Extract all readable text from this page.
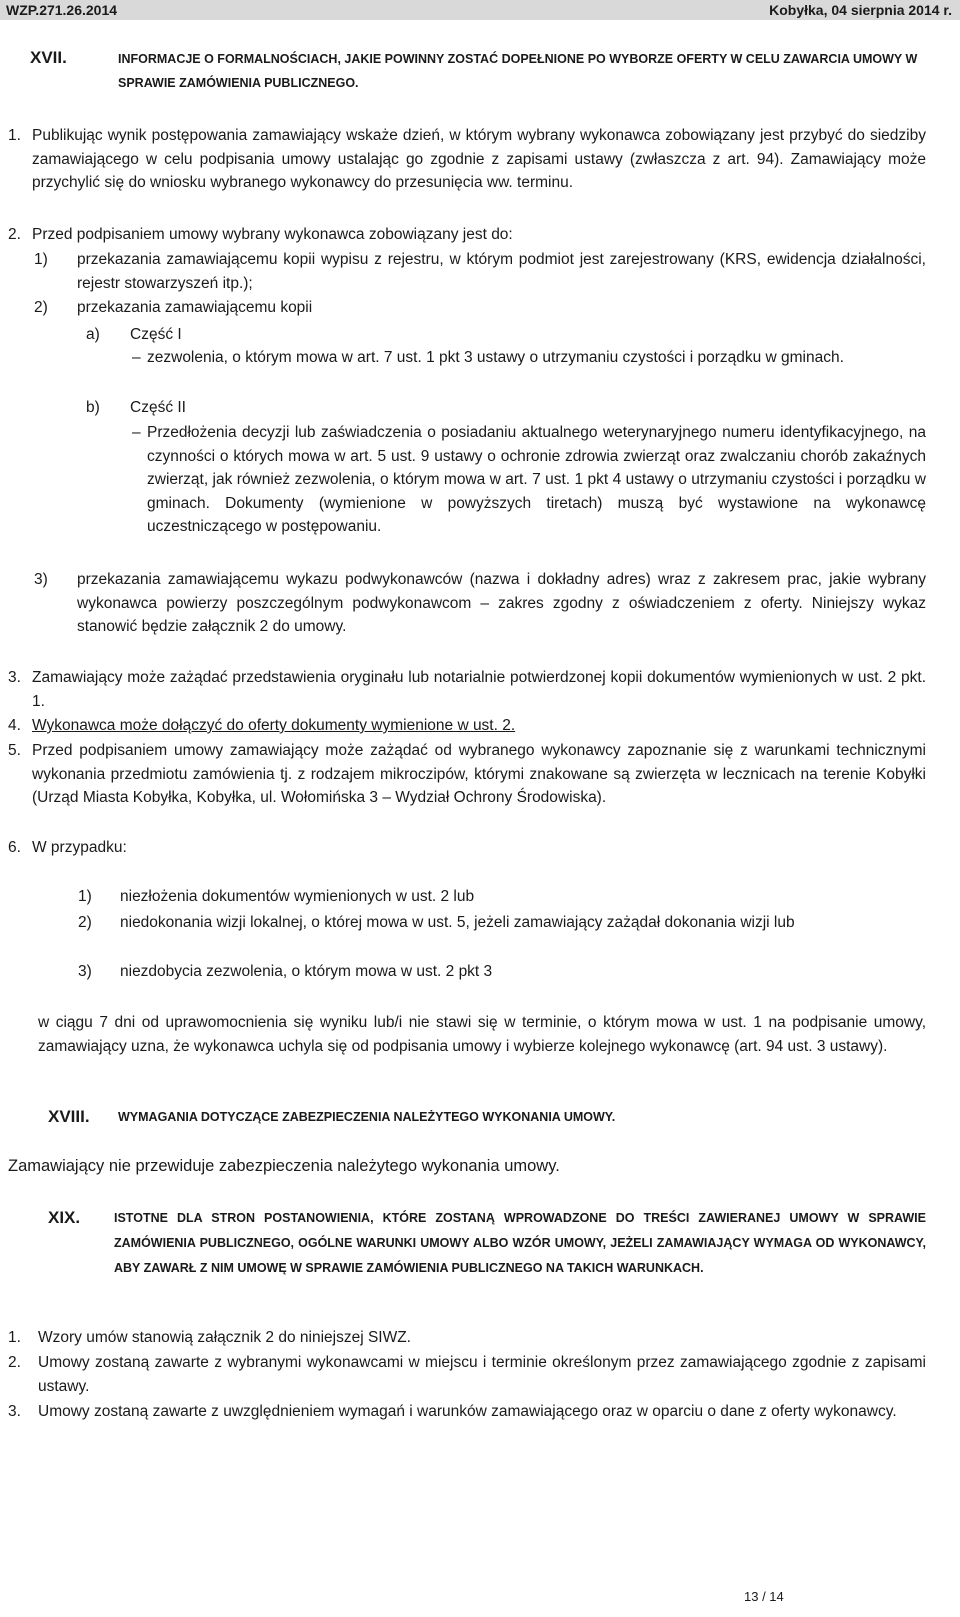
WZP.271.26.2014	Kobyłka, 04 sierpnia 2014 r.
XVII.	INFORMACJE O FORMALNOŚCIACH, JAKIE POWINNY ZOSTAĆ DOPEŁNIONE PO WYBORZE OFERTY W CELU ZAWARCIA UMOWY W SPRAWIE ZAMÓWIENIA PUBLICZNEGO.
1. Publikując wynik postępowania zamawiający wskaże dzień, w którym wybrany wykonawca zobowiązany jest przybyć do siedziby zamawiającego w celu podpisania umowy ustalając go zgodnie z zapisami ustawy (zwłaszcza z art. 94). Zamawiający może przychylić się do wniosku wybranego wykonawcy do przesunięcia ww. terminu.
2. Przed podpisaniem umowy wybrany wykonawca zobowiązany jest do:
1) przekazania zamawiającemu kopii wypisu z rejestru, w którym podmiot jest zarejestrowany (KRS, ewidencja działalności, rejestr stowarzyszeń itp.);
2) przekazania zamawiającemu kopii
a) Część I
– zezwolenia, o którym mowa w art. 7 ust. 1 pkt 3 ustawy o utrzymaniu czystości i porządku w gminach.
b) Część II
– Przedłożenia decyzji lub zaświadczenia o posiadaniu aktualnego weterynaryjnego numeru identyfikacyjnego, na czynności o których mowa w art. 5 ust. 9 ustawy o ochronie zdrowia zwierząt oraz zwalczaniu chorób zakaźnych zwierząt, jak również zezwolenia, o którym mowa w art. 7 ust. 1 pkt 4 ustawy o utrzymaniu czystości i porządku w gminach. Dokumenty (wymienione w powyższych tiretach) muszą być wystawione na wykonawcę uczestniczącego w postępowaniu.
3) przekazania zamawiającemu wykazu podwykonawców (nazwa i dokładny adres) wraz z zakresem prac, jakie wybrany wykonawca powierzy poszczególnym podwykonawcom – zakres zgodny z oświadczeniem z oferty. Niniejszy wykaz stanowić będzie załącznik 2 do umowy.
3. Zamawiający może zażądać przedstawienia oryginału lub notarialnie potwierdzonej kopii dokumentów wymienionych w ust. 2 pkt. 1.
4. Wykonawca może dołączyć do oferty dokumenty wymienione w ust. 2.
5. Przed podpisaniem umowy zamawiający może zażądać od wybranego wykonawcy zapoznanie się z warunkami technicznymi wykonania przedmiotu zamówienia tj. z rodzajem mikroczipów, którymi znakowane są zwierzęta w lecznicach na terenie Kobyłki (Urząd Miasta Kobyłka, Kobyłka, ul. Wołomińska 3 – Wydział Ochrony Środowiska).
6. W przypadku:
1) niezłożenia dokumentów wymienionych w ust. 2 lub
2) niedokonania wizji lokalnej, o której mowa w ust. 5, jeżeli zamawiający zażądał dokonania wizji lub
3) niezdobycia zezwolenia, o którym mowa w ust. 2 pkt 3
w ciągu 7 dni od uprawomocnienia się wyniku lub/i nie stawi się w terminie, o którym mowa w ust. 1 na podpisanie umowy, zamawiający uzna, że wykonawca uchyla się od podpisania umowy i wybierze kolejnego wykonawcę (art. 94 ust. 3 ustawy).
XVIII. WYMAGANIA DOTYCZĄCE ZABEZPIECZENIA NALEŻYTEGO WYKONANIA UMOWY.
Zamawiający nie przewiduje zabezpieczenia należytego wykonania umowy.
XIX.	ISTOTNE DLA STRON POSTANOWIENIA, KTÓRE ZOSTANĄ WPROWADZONE DO TREŚCI ZAWIERANEJ UMOWY W SPRAWIE ZAMÓWIENIA PUBLICZNEGO, OGÓLNE WARUNKI UMOWY ALBO WZÓR UMOWY, JEŻELI ZAMAWIAJĄCY WYMAGA OD WYKONAWCY, ABY ZAWARŁ Z NIM UMOWĘ W SPRAWIE ZAMÓWIENIA PUBLICZNEGO NA TAKICH WARUNKACH.
1. Wzory umów stanowią załącznik 2 do niniejszej SIWZ.
2. Umowy zostaną zawarte z wybranymi wykonawcami w miejscu i terminie określonym przez zamawiającego zgodnie z zapisami ustawy.
3. Umowy zostaną zawarte z uwzględnieniem wymagań i warunków zamawiającego oraz w oparciu o dane z oferty wykonawcy.
13 / 14
